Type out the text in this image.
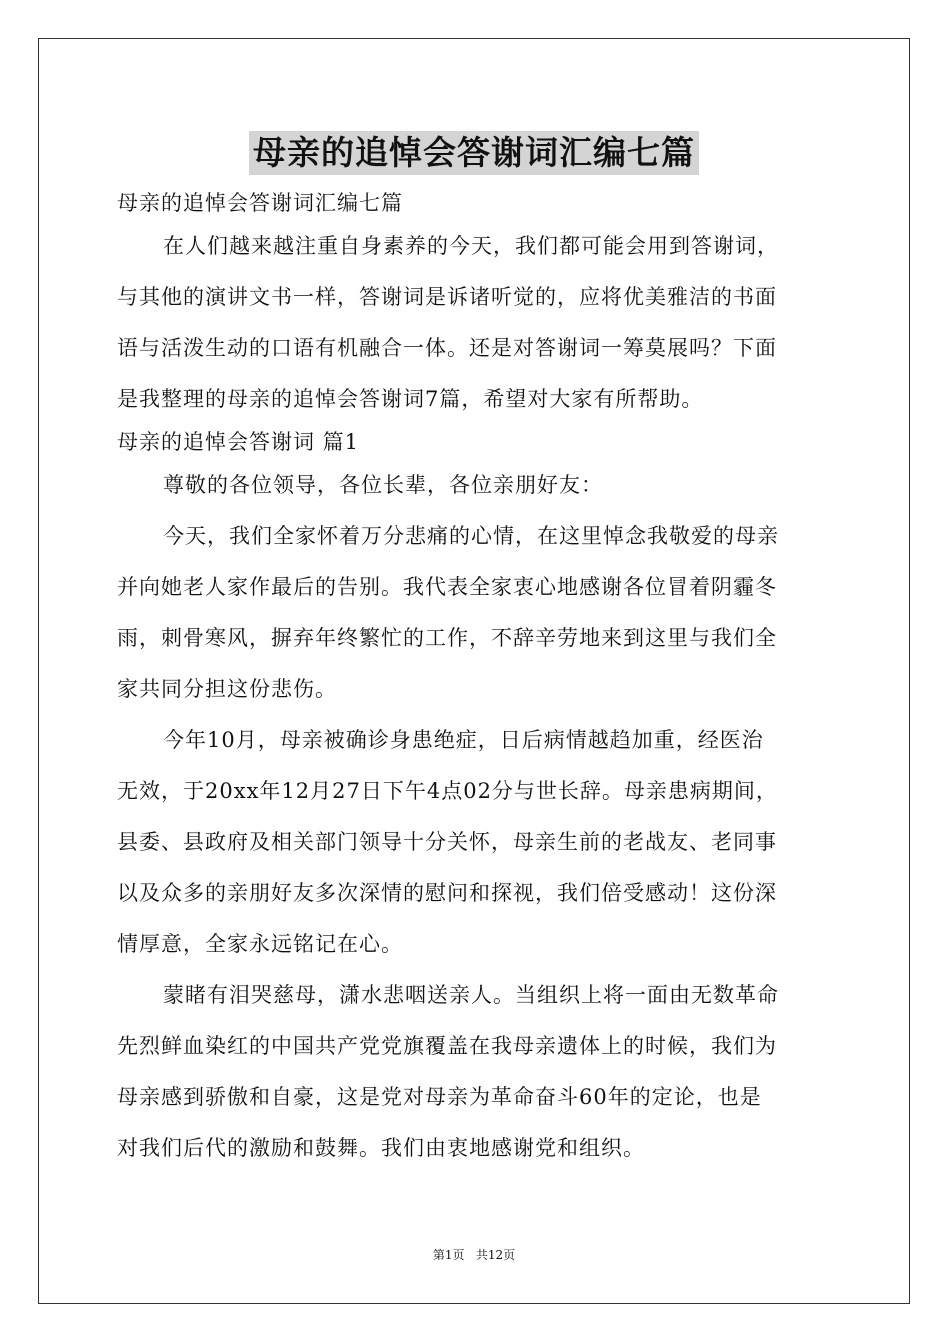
母亲的追悼会答谢词汇编七篇
母亲的追悼会答谢词汇编七篇
在人们越来越注重自身素养的今天，我们都可能会用到答谢词，
与其他的演讲文书一样，答谢词是诉诸听觉的，应将优美雅洁的书面
语与活泼生动的口语有机融合一体。还是对答谢词一筹莫展吗？下面
是我整理的母亲的追悼会答谢词7篇，希望对大家有所帮助。
母亲的追悼会答谢词 篇1
尊敬的各位领导，各位长辈，各位亲朋好友：
今天，我们全家怀着万分悲痛的心情，在这里悼念我敬爱的母亲
并向她老人家作最后的告别。我代表全家衷心地感谢各位冒着阴霾冬
雨，刺骨寒风，摒弃年终繁忙的工作，不辞辛劳地来到这里与我们全
家共同分担这份悲伤。
今年10月，母亲被确诊身患绝症，日后病情越趋加重，经医治
无效，于20xx年12月27日下午4点02分与世长辞。母亲患病期间，
县委、县政府及相关部门领导十分关怀，母亲生前的老战友、老同事
以及众多的亲朋好友多次深情的慰问和探视，我们倍受感动！这份深
情厚意，全家永远铭记在心。
蒙睹有泪哭慈母，潇水悲咽送亲人。当组织上将一面由无数革命
先烈鲜血染红的中国共产党党旗覆盖在我母亲遗体上的时候，我们为
母亲感到骄傲和自豪，这是党对母亲为革命奋斗60年的定论，也是
对我们后代的激励和鼓舞。我们由衷地感谢党和组织。
第1页 共12页
